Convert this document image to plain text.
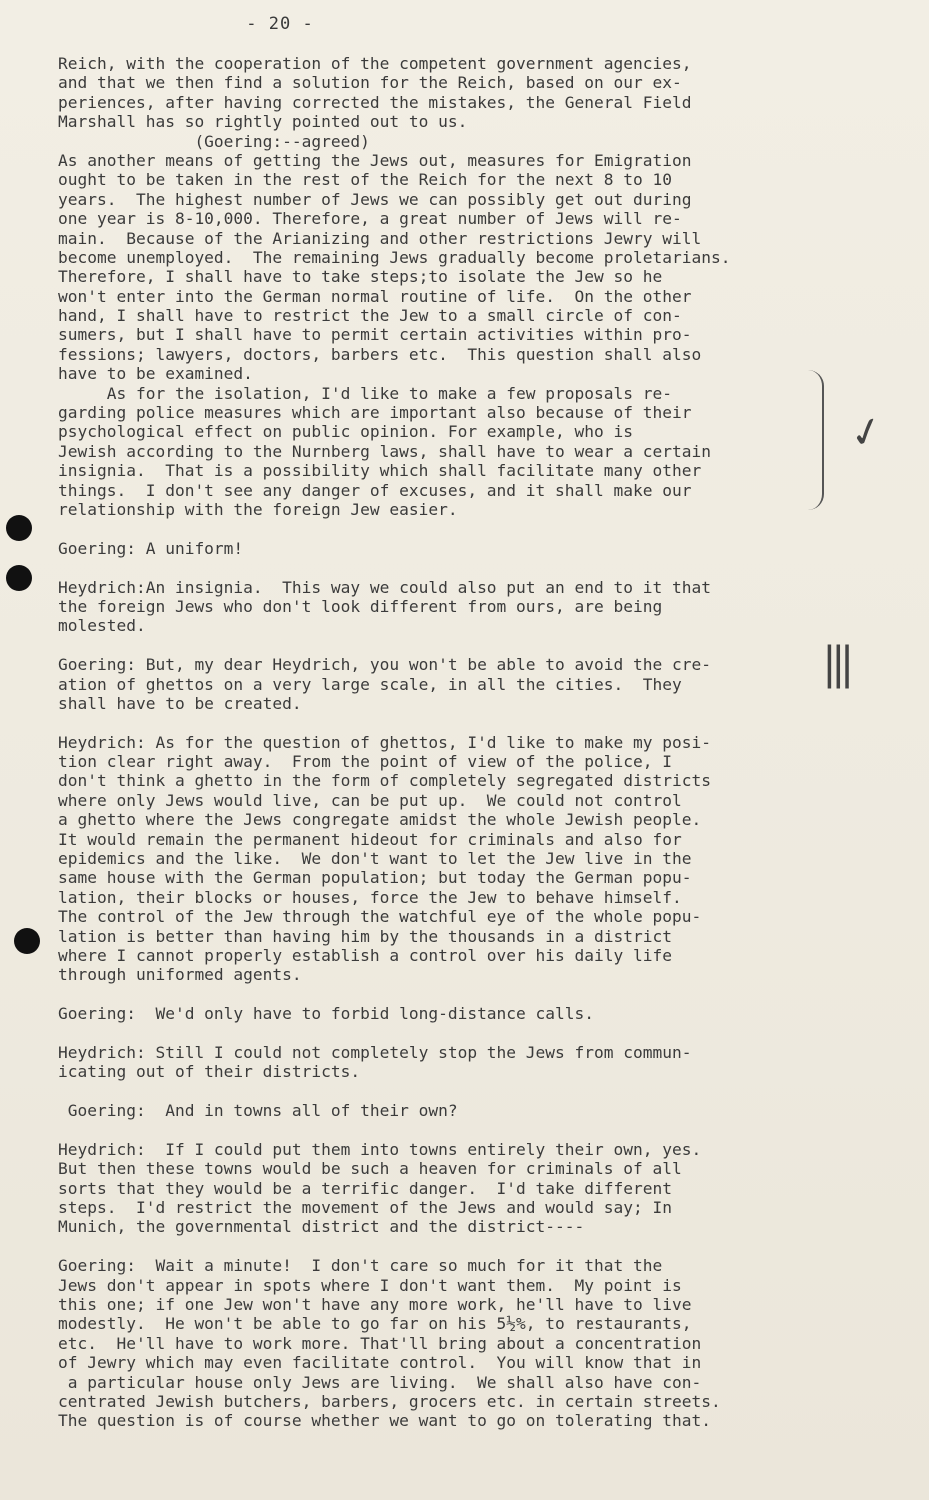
- 20 -
Reich, with the cooperation of the competent government agencies,
and that we then find a solution for the Reich, based on our ex-
periences, after having corrected the mistakes, the General Field
Marshall has so rightly pointed out to us.
(Goering:--agreed)
As another means of getting the Jews out, measures for Emigration
ought to be taken in the rest of the Reich for the next 8 to 10
years.  The highest number of Jews we can possibly get out during
one year is 8-10,000. Therefore, a great number of Jews will re-
main.  Because of the Arianizing and other restrictions Jewry will
become unemployed.  The remaining Jews gradually become proletarians.
Therefore, I shall have to take steps;to isolate the Jew so he
won't enter into the German normal routine of life.  On the other
hand, I shall have to restrict the Jew to a small circle of con-
sumers, but I shall have to permit certain activities within pro-
fessions; lawyers, doctors, barbers etc.  This question shall also
have to be examined.
As for the isolation, I'd like to make a few proposals re-
garding police measures which are important also because of their
psychological effect on public opinion. For example, who is
Jewish according to the Nurnberg laws, shall have to wear a certain
insignia.  That is a possibility which shall facilitate many other
things.  I don't see any danger of excuses, and it shall make our
relationship with the foreign Jew easier.
Goering: A uniform!
Heydrich:An insignia.  This way we could also put an end to it that
the foreign Jews who don't look different from ours, are being
molested.
Goering: But, my dear Heydrich, you won't be able to avoid the cre-
ation of ghettos on a very large scale, in all the cities.  They
shall have to be created.
Heydrich: As for the question of ghettos, I'd like to make my posi-
tion clear right away.  From the point of view of the police, I
don't think a ghetto in the form of completely segregated districts
where only Jews would live, can be put up.  We could not control
a ghetto where the Jews congregate amidst the whole Jewish people.
It would remain the permanent hideout for criminals and also for
epidemics and the like.  We don't want to let the Jew live in the
same house with the German population; but today the German popu-
lation, their blocks or houses, force the Jew to behave himself.
The control of the Jew through the watchful eye of the whole popu-
lation is better than having him by the thousands in a district
where I cannot properly establish a control over his daily life
through uniformed agents.
Goering:  We'd only have to forbid long-distance calls.
Heydrich: Still I could not completely stop the Jews from commun-
icating out of their districts.
Goering:  And in towns all of their own?
Heydrich:  If I could put them into towns entirely their own, yes.
But then these towns would be such a heaven for criminals of all
sorts that they would be a terrific danger.  I'd take different
steps.  I'd restrict the movement of the Jews and would say; In
Munich, the governmental district and the district----
Goering:  Wait a minute!  I don't care so much for it that the
Jews don't appear in spots where I don't want them.  My point is
this one; if one Jew won't have any more work, he'll have to live
modestly.  He won't be able to go far on his 5½%, to restaurants,
etc.  He'll have to work more. That'll bring about a concentration
of Jewry which may even facilitate control.  You will know that in
a particular house only Jews are living.  We shall also have con-
centrated Jewish butchers, barbers, grocers etc. in certain streets.
The question is of course whether we want to go on tolerating that.
✓
|||
